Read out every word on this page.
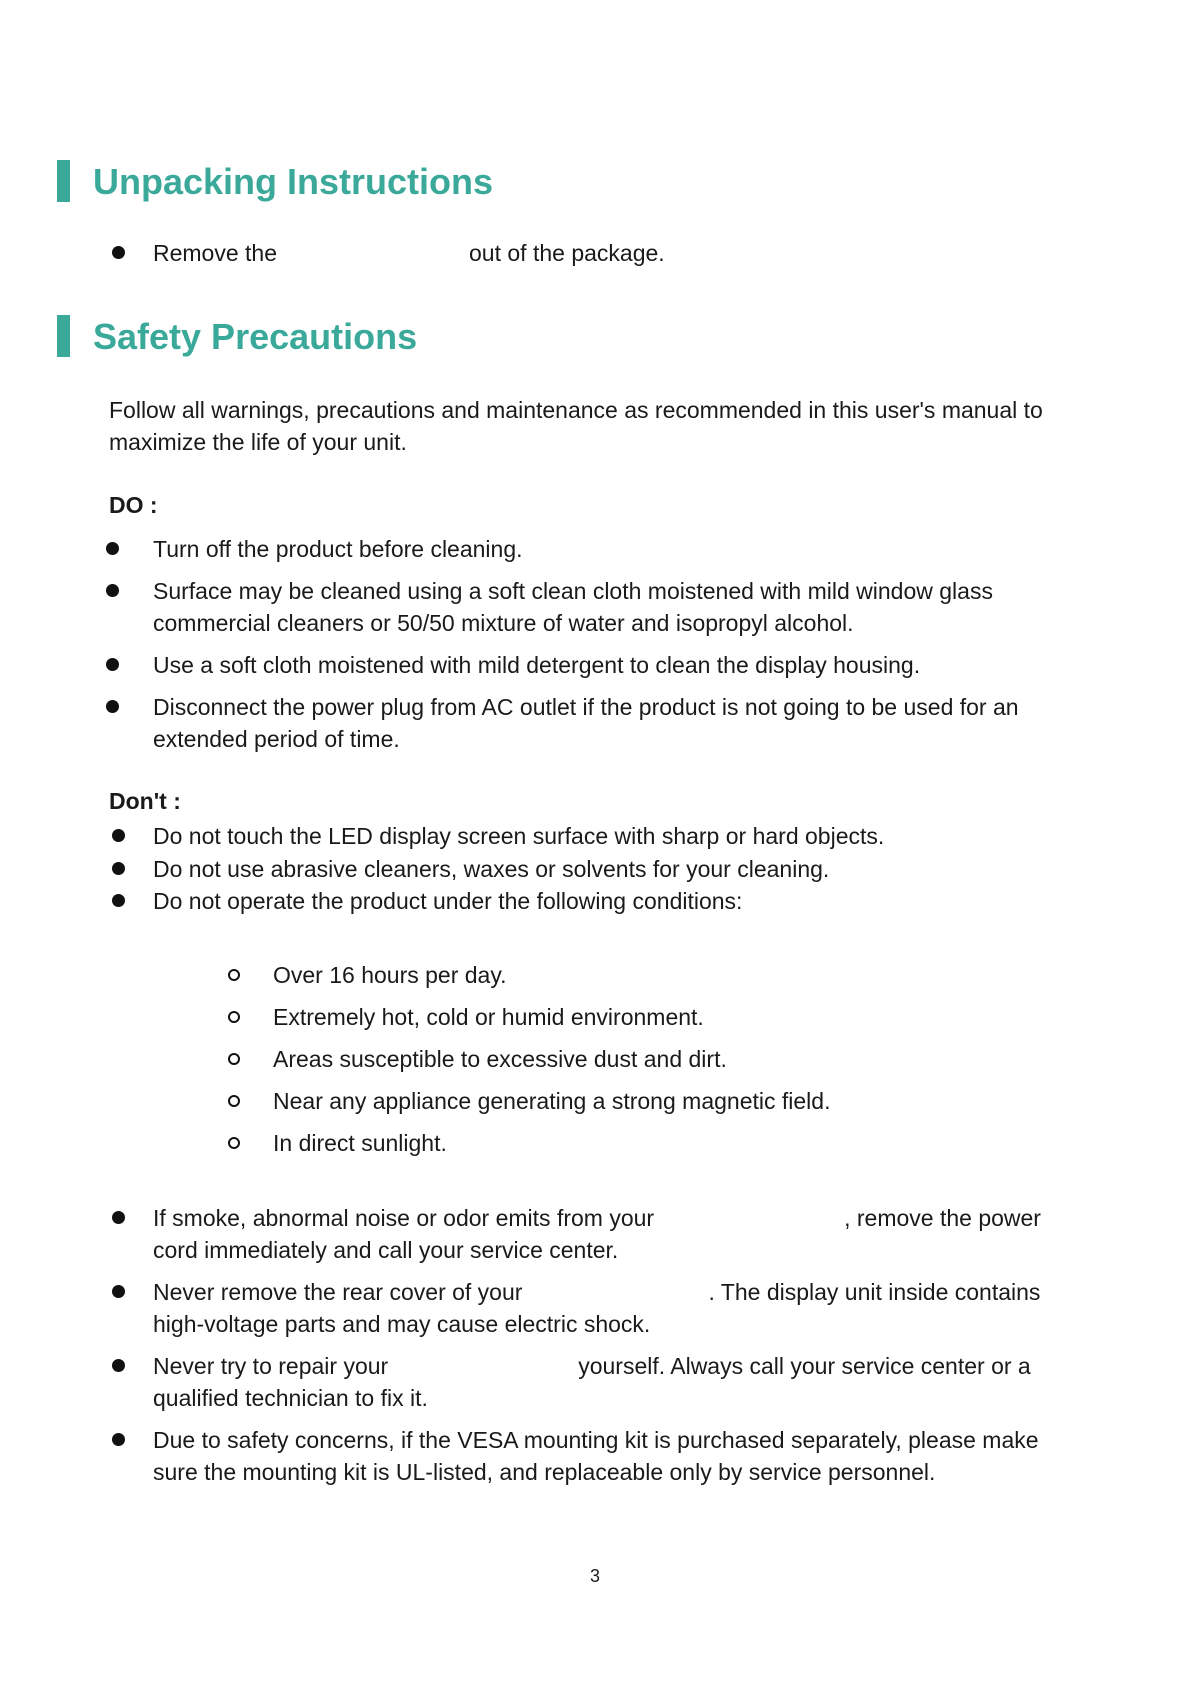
Unpacking Instructions
Remove the	out of the package.
Safety Precautions
Follow all warnings, precautions and maintenance as recommended in this user's manual to
maximize the life of your unit.
DO :
Turn off the product before cleaning.
Surface may be cleaned using a soft clean cloth moistened with mild window glass
commercial cleaners or 50/50 mixture of water and isopropyl alcohol.
Use a soft cloth moistened with mild detergent to clean the display housing.
Disconnect the power plug from AC outlet if the product is not going to be used for an
extended period of time.
Don't :
Do not touch the LED display screen surface with sharp or hard objects.
Do not use abrasive cleaners, waxes or solvents for your cleaning.
Do not operate the product under the following conditions:
Over 16 hours per day.
Extremely hot, cold or humid environment.
Areas susceptible to excessive dust and dirt.
Near any appliance generating a strong magnetic field.
In direct sunlight.
If smoke, abnormal noise or odor emits from your	, remove the power
cord immediately and call your service center.
Never remove the rear cover of your	. The display unit inside contains
high-voltage parts and may cause electric shock.
Never try to repair your	yourself. Always call your service center or a
qualified technician to fix it.
Due to safety concerns, if the VESA mounting kit is purchased separately, please make
sure the mounting kit is UL-listed, and replaceable only by service personnel.
3
